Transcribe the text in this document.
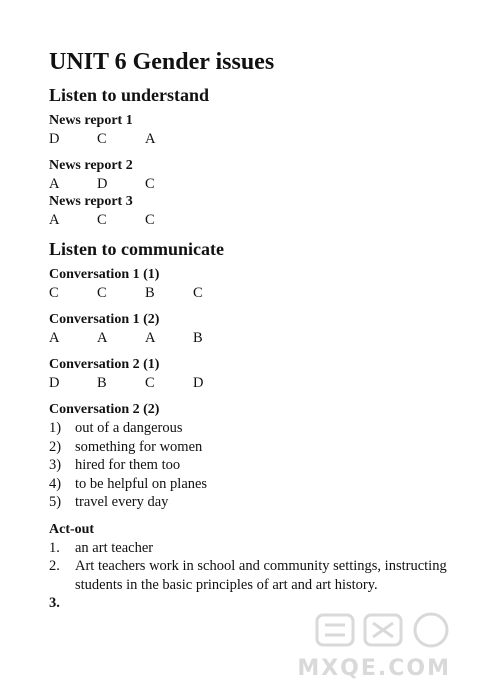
UNIT 6 Gender issues
Listen to understand
News report 1
D	C	A
News report 2
A	D	C
News report 3
A	C	C
Listen to communicate
Conversation 1 (1)
C	C	B	C
Conversation 1 (2)
A	A	A	B
Conversation 2 (1)
D	B	C	D
Conversation 2 (2)
1) out of a dangerous
2) something for women
3) hired for them too
4) to be helpful on planes
5) travel every day
Act-out
1.	an art teacher
2.	Art teachers work in school and community settings, instructing students in the basic principles of art and art history.
3.
MXQE.COM
